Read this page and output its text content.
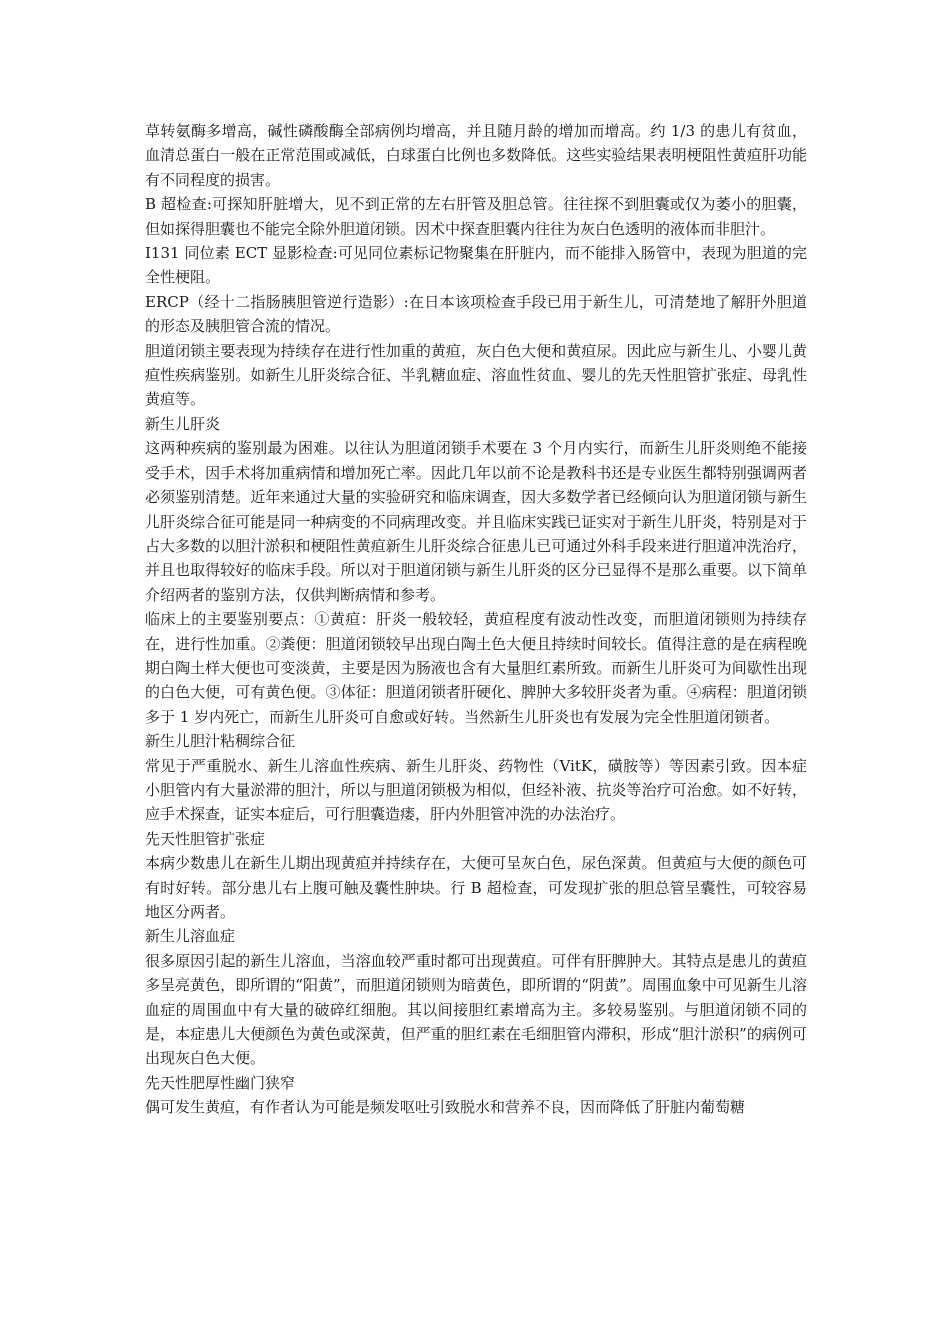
草转氨酶多增高，碱性磷酸酶全部病例均增高，并且随月龄的增加而增高。约 1/3 的患儿有贫血，血清总蛋白一般在正常范围或减低，白球蛋白比例也多数降低。这些实验结果表明梗阻性黄疸肝功能有不同程度的损害。

B 超检查:可探知肝脏增大，见不到正常的左右肝管及胆总管。往往探不到胆囊或仅为萎小的胆囊，但如探得胆囊也不能完全除外胆道闭锁。因术中探查胆囊内往往为灰白色透明的液体而非胆汁。

I131 同位素 ECT 显影检查:可见同位素标记物聚集在肝脏内，而不能排入肠管中，表现为胆道的完全性梗阻。

ERCP（经十二指肠胰胆管逆行造影）:在日本该项检查手段已用于新生儿，可清楚地了解肝外胆道的形态及胰胆管合流的情况。

胆道闭锁主要表现为持续存在进行性加重的黄疸，灰白色大便和黄疸尿。因此应与新生儿、小婴儿黄疸性疾病鉴别。如新生儿肝炎综合征、半乳糖血症、溶血性贫血、婴儿的先天性胆管扩张症、母乳性黄疸等。

新生儿肝炎

这两种疾病的鉴别最为困难。以往认为胆道闭锁手术要在 3 个月内实行，而新生儿肝炎则绝不能接受手术，因手术将加重病情和增加死亡率。因此几年以前不论是教科书还是专业医生都特别强调两者必须鉴别清楚。近年来通过大量的实验研究和临床调查，因大多数学者已经倾向认为胆道闭锁与新生儿肝炎综合征可能是同一种病变的不同病理改变。并且临床实践已证实对于新生儿肝炎，特别是对于占大多数的以胆汁淤积和梗阻性黄疸新生儿肝炎综合征患儿已可通过外科手段来进行胆道冲洗治疗，并且也取得较好的临床手段。所以对于胆道闭锁与新生儿肝炎的区分已显得不是那么重要。以下简单介绍两者的鉴别方法，仅供判断病情和参考。

临床上的主要鉴别要点：①黄疸：肝炎一般较轻，黄疸程度有波动性改变，而胆道闭锁则为持续存在，进行性加重。②粪便：胆道闭锁较早出现白陶土色大便且持续时间较长。值得注意的是在病程晚期白陶土样大便也可变淡黄，主要是因为肠液也含有大量胆红素所致。而新生儿肝炎可为间歇性出现的白色大便，可有黄色便。③体征：胆道闭锁者肝硬化、脾肿大多较肝炎者为重。④病程：胆道闭锁多于 1 岁内死亡，而新生儿肝炎可自愈或好转。当然新生儿肝炎也有发展为完全性胆道闭锁者。

新生儿胆汁粘稠综合征

常见于严重脱水、新生儿溶血性疾病、新生儿肝炎、药物性（VitK，磺胺等）等因素引致。因本症小胆管内有大量淤滞的胆汁，所以与胆道闭锁极为相似，但经补液、抗炎等治疗可治愈。如不好转，应手术探查，证实本症后，可行胆囊造瘘，肝内外胆管冲洗的办法治疗。

先天性胆管扩张症

本病少数患儿在新生儿期出现黄疸并持续存在，大便可呈灰白色，尿色深黄。但黄疸与大便的颜色可有时好转。部分患儿右上腹可触及囊性肿块。行 B 超检查，可发现扩张的胆总管呈囊性，可较容易地区分两者。

新生儿溶血症

很多原因引起的新生儿溶血，当溶血较严重时都可出现黄疸。可伴有肝脾肿大。其特点是患儿的黄疸多呈亮黄色，即所谓的“阳黄”，而胆道闭锁则为暗黄色，即所谓的“阴黄”。周围血象中可见新生儿溶血症的周围血中有大量的破碎红细胞。其以间接胆红素增高为主。多较易鉴别。与胆道闭锁不同的是，本症患儿大便颜色为黄色或深黄，但严重的胆红素在毛细胆管内滞积，形成“胆汁淤积”的病例可出现灰白色大便。

先天性肥厚性幽门狭窄

偶可发生黄疸，有作者认为可能是频发呕吐引致脱水和营养不良，因而降低了肝脏内葡萄糖
